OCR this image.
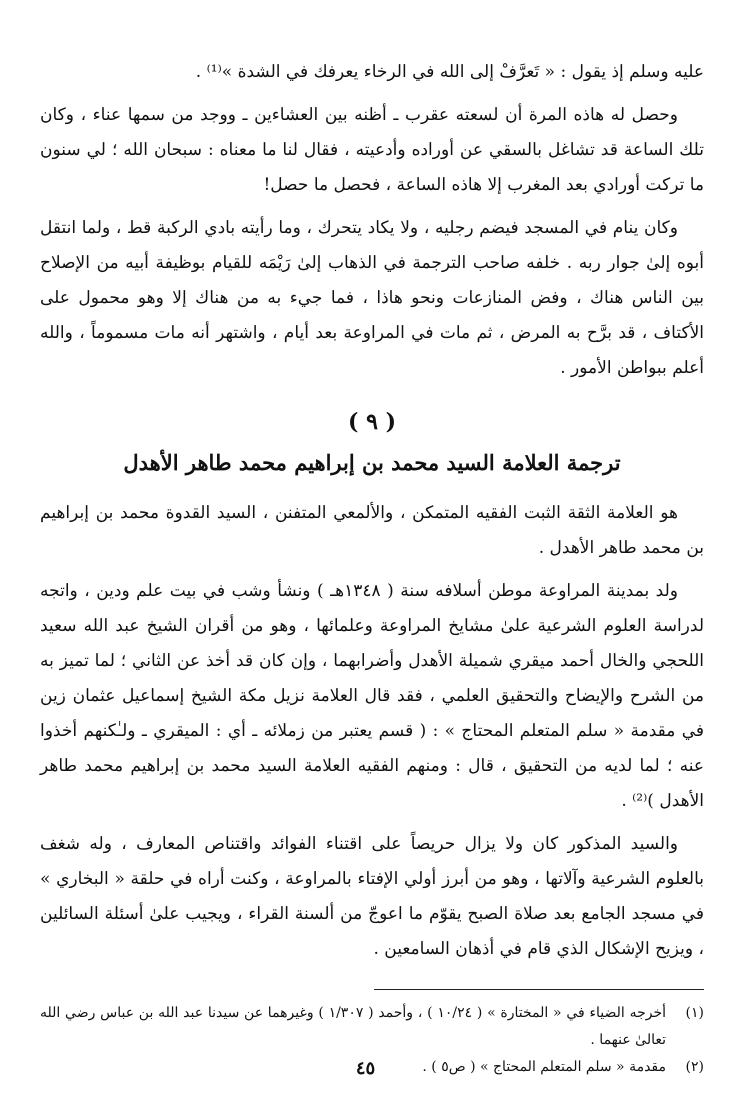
عليه وسلم إذ يقول : « تَعرَّفْ إلى الله في الرخاء يعرفك في الشدة »⁽¹⁾ .

وحصل له هاذه المرة أن لسعته عقرب ـ أظنه بين العشاءين ـ ووجد من سمها عناء ، وكان تلك الساعة قد تشاغل بالسقي عن أوراده وأدعيته ، فقال لنا ما معناه : سبحان الله ؛ لي سنون ما تركت أورادي بعد المغرب إلا هاذه الساعة ، فحصل ما حصل!

وكان ينام في المسجد فيضم رجليه ، ولا يكاد يتحرك ، وما رأيته بادي الركبة قط ، ولما انتقل أبوه إلىٰ جوار ربه . خلفه صاحب الترجمة في الذهاب إلىٰ رَيْمَه للقيام بوظيفة أبيه من الإصلاح بين الناس هناك ، وفض المنازعات ونحو هاذا ، فما جيء به من هناك إلا وهو محمول على الأكتاف ، قد برَّح به المرض ، ثم مات في المراوعة بعد أيام ، واشتهر أنه مات مسموماً ، والله أعلم ببواطن الأمور .

( ٩ )
ترجمة العلامة السيد محمد بن إبراهيم محمد طاهر الأهدل

هو العلامة الثقة الثبت الفقيه المتمكن ، والألمعي المتفنن ، السيد القدوة محمد بن إبراهيم بن محمد طاهر الأهدل .

ولد بمدينة المراوعة موطن أسلافه سنة ( ١٣٤٨هـ ) ونشأ وشب في بيت علم ودين ، واتجه لدراسة العلوم الشرعية علىٰ مشايخ المراوعة وعلمائها ، وهو من أقران الشيخ عبد الله سعيد اللحجي والخال أحمد ميقري شميلة الأهدل وأضرابهما ، وإن كان قد أخذ عن الثاني ؛ لما تميز به من الشرح والإيضاح والتحقيق العلمي ، فقد قال العلامة نزيل مكة الشيخ إسماعيل عثمان زين في مقدمة « سلم المتعلم المحتاج » : ( قسم يعتبر من زملائه ـ أي : الميقري ـ ولـٰكنهم أخذوا عنه ؛ لما لديه من التحقيق ، قال : ومنهم الفقيه العلامة السيد محمد بن إبراهيم محمد طاهر الأهدل )⁽²⁾ .

والسيد المذكور كان ولا يزال حريصاً على اقتناء الفوائد واقتناص المعارف ، وله شغف بالعلوم الشرعية وآلاتها ، وهو من أبرز أولي الإفتاء بالمراوعة ، وكنت أراه في حلقة « البخاري » في مسجد الجامع بعد صلاة الصبح يقوّم ما اعوجّ من ألسنة القراء ، ويجيب علىٰ أسئلة السائلين ، ويزيح الإشكال الذي قام في أذهان السامعين .

(١)
أخرجه الضياء في « المختارة » ( ١٠/٢٤ ) ، وأحمد ( ١/٣٠٧ ) وغيرهما عن سيدنا عبد الله بن عباس رضي الله تعالىٰ عنهما .
(٢)
مقدمة « سلم المتعلم المحتاج » ( ص٥ ) .
٤٥
